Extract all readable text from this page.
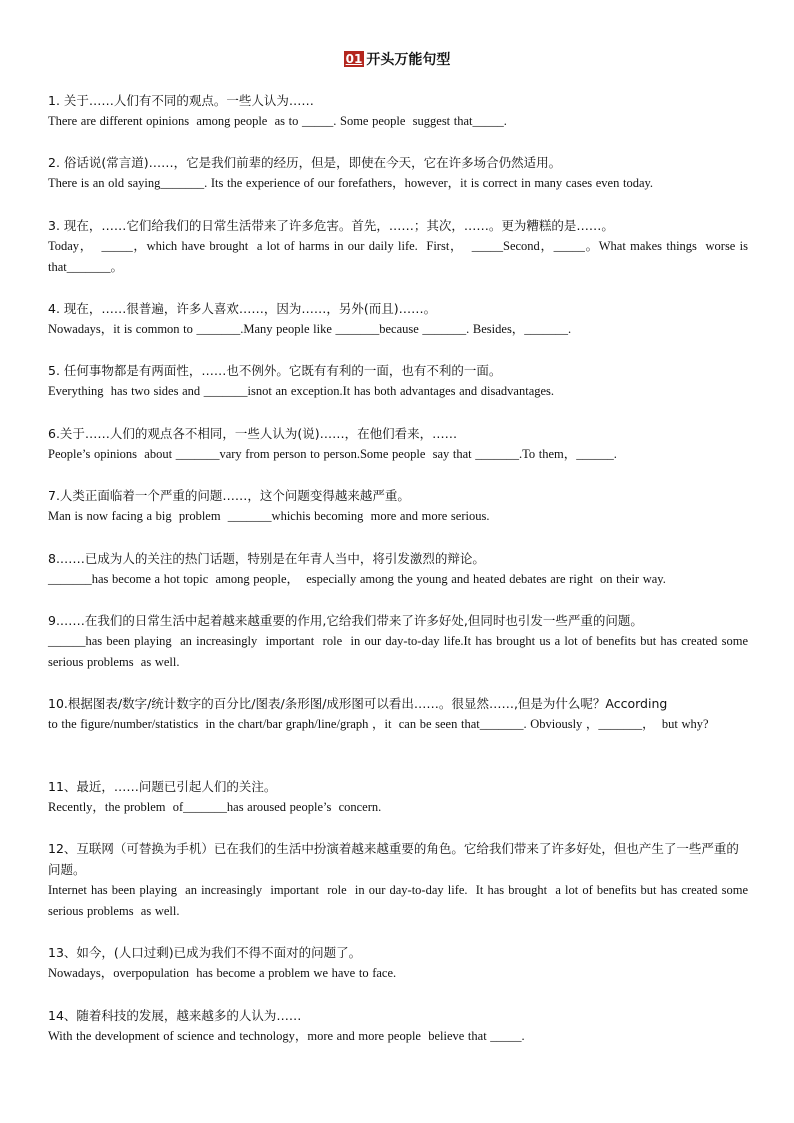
01 开头万能句型
1. 关于……人们有不同的观点。一些人认为……
There are different opinions  among people  as to _____. Some people  suggest that_____.
2. 俗话说(常言道)……，它是我们前辈的经历，但是，即使在今天，它在许多场合仍然适用。
There is an old saying_______. Its the experience of our forefathers，however，it is correct in many cases even today.
3. 现在，……它们给我们的日常生活带来了许多危害。首先，……；其次，……。更为糟糕的是……。
Today，  _____，which have brought  a lot of harms in our daily life.  First，  _____Second，_____。What makes things  worse is that_______。
4. 现在，……很普遍，许多人喜欢……，因为……，另外(而且)……。
Nowadays，it is common to _______.Many people like _______because _______. Besides，_______.
5. 任何事物都是有两面性，……也不例外。它既有有利的一面，也有不利的一面。
Everything  has two sides and _______isnot an exception.It has both advantages and disadvantages.
6.关于……人们的观点各不相同，一些人认为(说)……，在他们看来，……
People’s opinions  about _______vary from person to person.Some people  say that _______.To them，______.
7.人类正面临着一个严重的问题……，这个问题变得越来越严重。
Man is now facing a big  problem  _______whichis becoming  more and more serious.
8.……已成为人的关注的热门话题，特别是在年青人当中，将引发激烈的辩论。
_______has become a hot topic  among people，  especially among the young and heated debates are right  on their way.
9.……在我们的日常生活中起着越来越重要的作用,它给我们带来了许多好处,但同时也引发一些严重的问题。
______has been playing  an increasingly  important  role  in our day-to-day life.It has brought us a lot of benefits but has created some serious problems  as well.
10.根据图表/数字/统计数字的百分比/图表/条形图/成形图可以看出……。很显然……,但是为什么呢？According
to the figure/number/statistics  in the chart/bar graph/line/graph ，it  can be seen that_______. Obviously ，_______，  but why?
11、最近，……问题已引起人们的关注。
Recently，the problem  of_______has aroused people’s  concern.
12、互联网（可替换为手机）已在我们的生活中扮演着越来越重要的角色。它给我们带来了许多好处，但也产生了一些严重的问题。
Internet has been playing  an increasingly  important  role  in our day-to-day life.  It has brought  a lot of benefits but has created some serious problems  as well.
13、如今，(人口过剩)已成为我们不得不面对的问题了。
Nowadays，overpopulation  has become a problem we have to face.
14、随着科技的发展，越来越多的人认为……
With the development of science and technology，more and more people  believe that _____.
